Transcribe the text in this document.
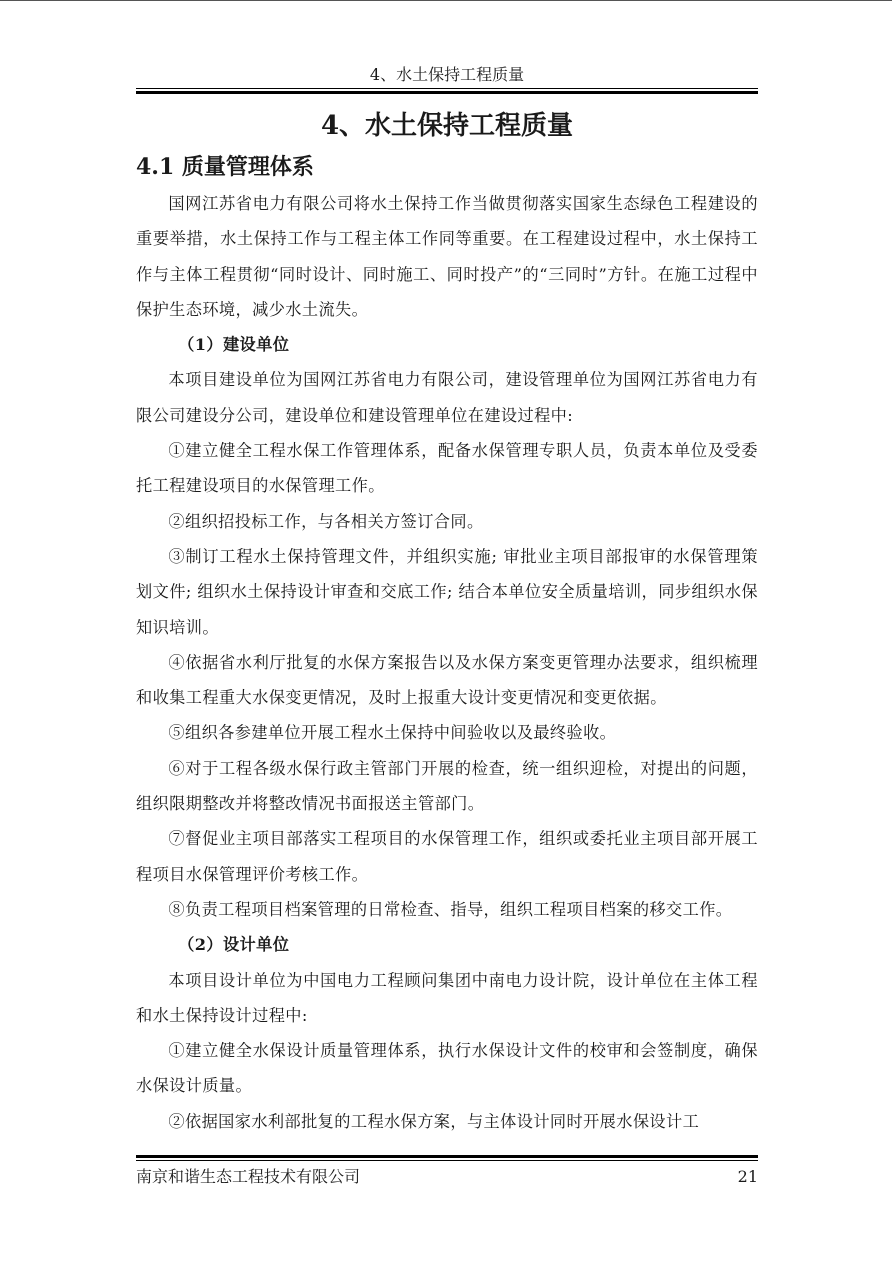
4、水土保持工程质量
4、水土保持工程质量
4.1 质量管理体系

国网江苏省电力有限公司将水土保持工作当做贯彻落实国家生态绿色工程建设的重要举措，水土保持工作与工程主体工作同等重要。在工程建设过程中，水土保持工作与主体工程贯彻“同时设计、同时施工、同时投产”的“三同时”方针。在施工过程中保护生态环境，减少水土流失。

（1）建设单位

本项目建设单位为国网江苏省电力有限公司，建设管理单位为国网江苏省电力有限公司建设分公司，建设单位和建设管理单位在建设过程中:

①建立健全工程水保工作管理体系，配备水保管理专职人员，负责本单位及受委托工程建设项目的水保管理工作。

②组织招投标工作，与各相关方签订合同。

③制订工程水土保持管理文件，并组织实施; 审批业主项目部报审的水保管理策划文件; 组织水土保持设计审查和交底工作; 结合本单位安全质量培训，同步组织水保知识培训。

④依据省水利厅批复的水保方案报告以及水保方案变更管理办法要求，组织梳理和收集工程重大水保变更情况，及时上报重大设计变更情况和变更依据。

⑤组织各参建单位开展工程水土保持中间验收以及最终验收。

⑥对于工程各级水保行政主管部门开展的检查，统一组织迎检，对提出的问题，组织限期整改并将整改情况书面报送主管部门。

⑦督促业主项目部落实工程项目的水保管理工作，组织或委托业主项目部开展工程项目水保管理评价考核工作。

⑧负责工程项目档案管理的日常检查、指导，组织工程项目档案的移交工作。

（2）设计单位

本项目设计单位为中国电力工程顾问集团中南电力设计院，设计单位在主体工程和水土保持设计过程中:

①建立健全水保设计质量管理体系，执行水保设计文件的校审和会签制度，确保水保设计质量。

②依据国家水利部批复的工程水保方案，与主体设计同时开展水保设计工

南京和谐生态工程技术有限公司	21
